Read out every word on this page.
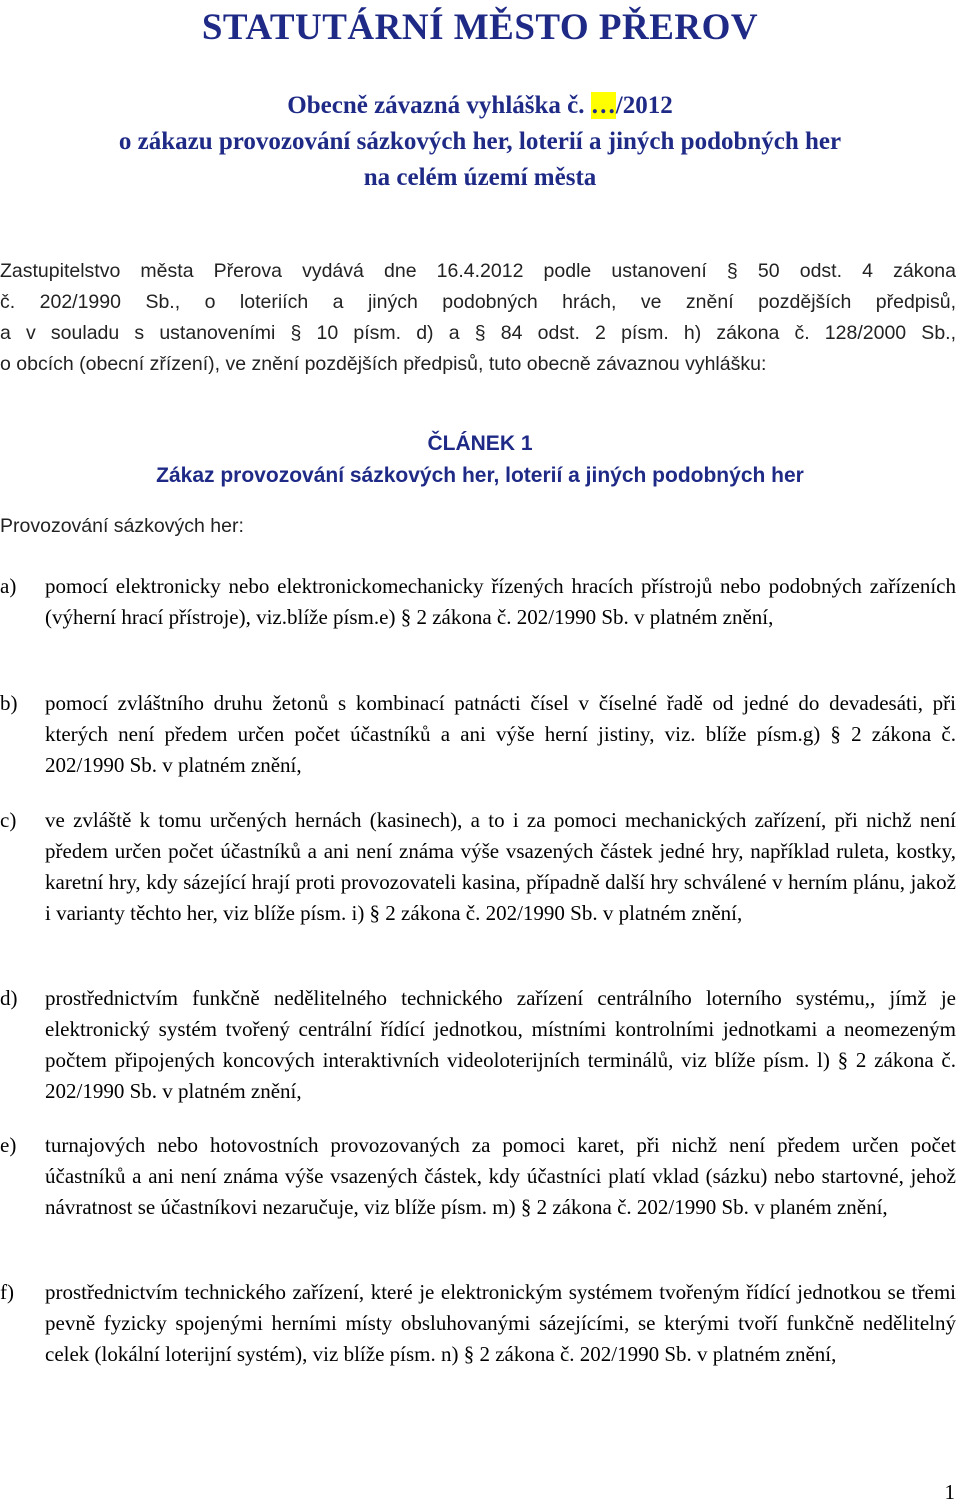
STATUTÁRNÍ MĚSTO PŘEROV
Obecně závazná vyhláška č. …/2012
o zákazu provozování sázkových her, loterií a jiných podobných her
na celém území města
Zastupitelstvo města Přerova vydává dne 16.4.2012 podle ustanovení § 50 odst. 4 zákona
č. 202/1990 Sb., o loteriích a jiných podobných hrách, ve znění pozdějších předpisů,
a v souladu s ustanoveními § 10 písm. d) a § 84 odst. 2 písm. h) zákona č. 128/2000 Sb.,
o obcích (obecní zřízení), ve znění pozdějších předpisů, tuto obecně závaznou vyhlášku:
ČLÁNEK 1
Zákaz provozování sázkových her, loterií a jiných podobných her

Provozování sázkových her:

a) pomocí elektronicky nebo elektronickomechanicky řízených hracích přístrojů nebo podobných zařízeních (výherní hrací přístroje), viz.blíže písm.e) § 2 zákona č. 202/1990 Sb. v platném znění,
b) pomocí zvláštního druhu žetonů s kombinací patnácti čísel v číselné řadě od jedné do devadesáti, při kterých není předem určen počet účastníků a ani výše herní jistiny, viz. blíže písm.g) § 2 zákona č. 202/1990 Sb. v platném znění,
c) ve zvláště k tomu určených hernách (kasinech), a to i za pomoci mechanických zařízení, při nichž není předem určen počet účastníků a ani není známa výše vsazených částek jedné hry, například ruleta, kostky, karetní hry, kdy sázející hrají proti provozovateli kasina, případně další hry schválené v herním plánu, jakož i varianty těchto her, viz blíže písm. i) § 2 zákona č. 202/1990 Sb. v platném znění,
d) prostřednictvím funkčně nedělitelného technického zařízení centrálního loterního systému,, jímž je elektronický systém tvořený centrální řídící jednotkou, místními kontrolními jednotkami a neomezeným počtem připojených koncových interaktivních videoloterijních terminálů, viz blíže písm. l) § 2 zákona č. 202/1990 Sb. v platném znění,
e) turnajových nebo hotovostních provozovaných za pomoci karet, při nichž není předem určen počet účastníků a ani není známa výše vsazených částek, kdy účastníci platí vklad (sázku) nebo startovné, jehož návratnost se účastníkovi nezaručuje, viz blíže písm. m) § 2 zákona č. 202/1990 Sb. v planém znění,
f) prostřednictvím technického zařízení, které je elektronickým systémem tvořeným řídící jednotkou se třemi pevně fyzicky spojenými herními místy obsluhovanými sázejícími, se kterými tvoří funkčně nedělitelný celek (lokální loterijní systém), viz blíže písm. n) § 2 zákona č. 202/1990 Sb. v platném znění,
1
